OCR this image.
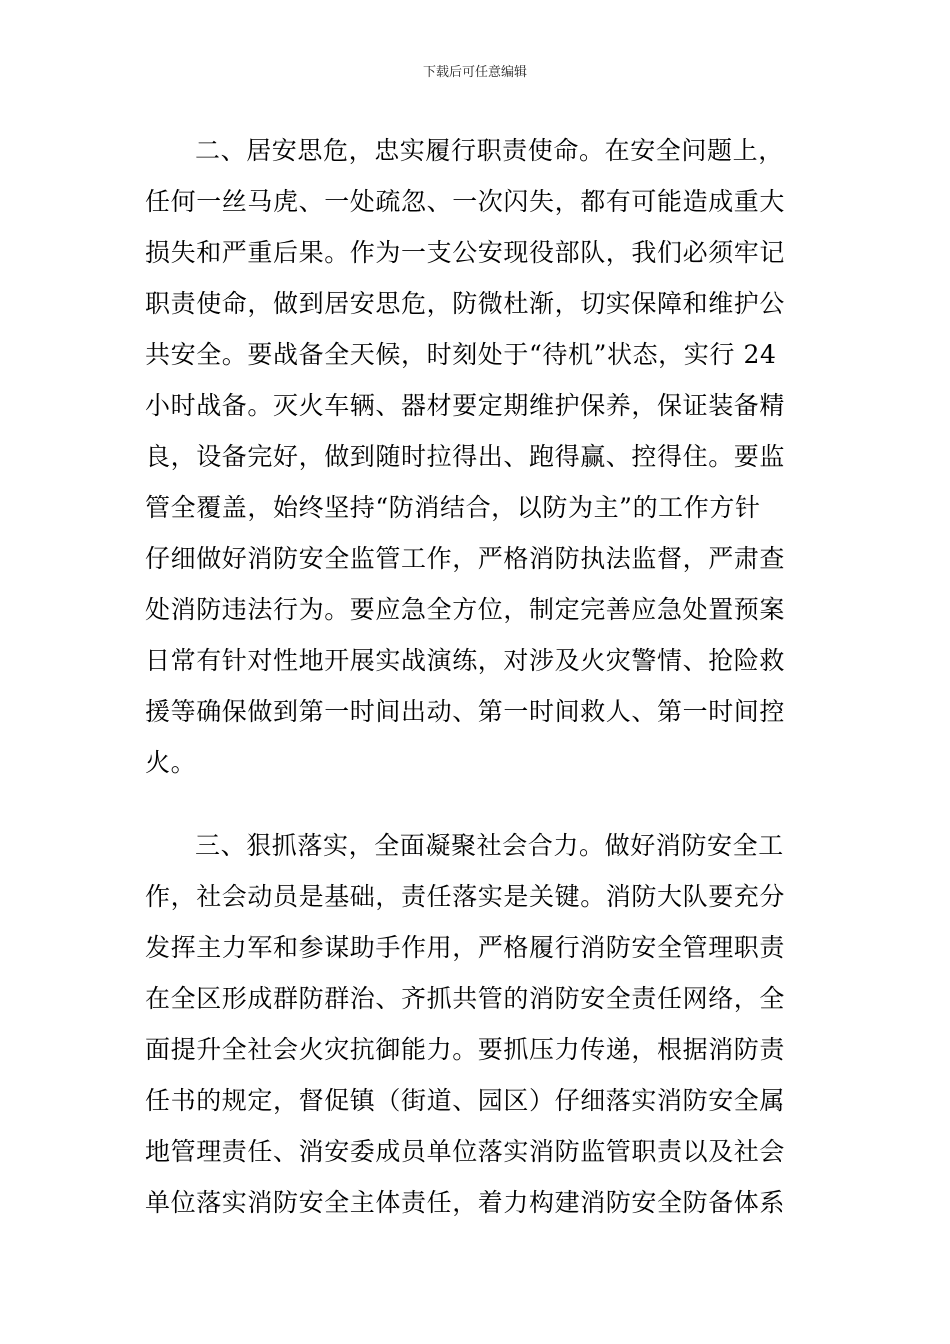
下载后可任意编辑
二、居安思危，忠实履行职责使命。在安全问题上，
任何一丝马虎、一处疏忽、一次闪失，都有可能造成重大
损失和严重后果。作为一支公安现役部队，我们必须牢记
职责使命，做到居安思危，防微杜渐，切实保障和维护公
共安全。要战备全天候，时刻处于“待机”状态，实行 24
小时战备。灭火车辆、器材要定期维护保养，保证装备精
良，设备完好，做到随时拉得出、跑得赢、控得住。要监
管全覆盖，始终坚持“防消结合，以防为主”的工作方针
仔细做好消防安全监管工作，严格消防执法监督，严肃查
处消防违法行为。要应急全方位，制定完善应急处置预案
日常有针对性地开展实战演练，对涉及火灾警情、抢险救
援等确保做到第一时间出动、第一时间救人、第一时间控
火。
三、狠抓落实，全面凝聚社会合力。做好消防安全工
作，社会动员是基础，责任落实是关键。消防大队要充分
发挥主力军和参谋助手作用，严格履行消防安全管理职责
在全区形成群防群治、齐抓共管的消防安全责任网络，全
面提升全社会火灾抗御能力。要抓压力传递，根据消防责
任书的规定，督促镇（街道、园区）仔细落实消防安全属
地管理责任、消安委成员单位落实消防监管职责以及社会
单位落实消防安全主体责任，着力构建消防安全防备体系
